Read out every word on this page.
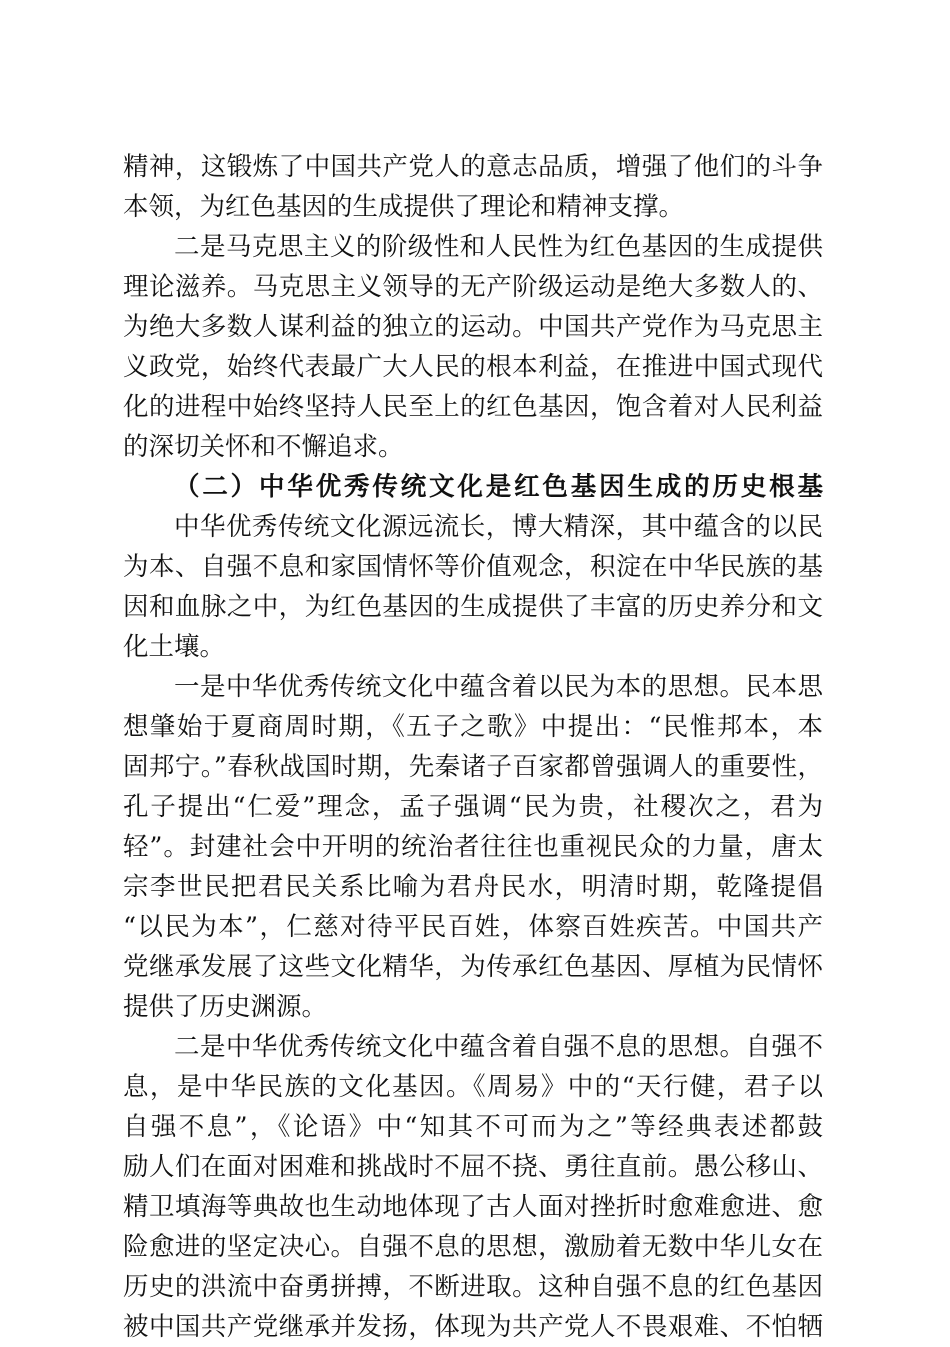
精神，这锻炼了中国共产党人的意志品质，增强了他们的斗争
本领，为红色基因的生成提供了理论和精神支撑。
二是马克思主义的阶级性和人民性为红色基因的生成提供
理论滋养。马克思主义领导的无产阶级运动是绝大多数人的、
为绝大多数人谋利益的独立的运动。中国共产党作为马克思主
义政党，始终代表最广大人民的根本利益，在推进中国式现代
化的进程中始终坚持人民至上的红色基因，饱含着对人民利益
的深切关怀和不懈追求。
（二）中华优秀传统文化是红色基因生成的历史根基
中华优秀传统文化源远流长，博大精深，其中蕴含的以民
为本、自强不息和家国情怀等价值观念，积淀在中华民族的基
因和血脉之中，为红色基因的生成提供了丰富的历史养分和文
化土壤。
一是中华优秀传统文化中蕴含着以民为本的思想。民本思
想肇始于夏商周时期，《五子之歌》中提出：“民惟邦本，本
固邦宁。”春秋战国时期，先秦诸子百家都曾强调人的重要性，
孔子提出“仁爱”理念，孟子强调“民为贵，社稷次之，君为
轻”。封建社会中开明的统治者往往也重视民众的力量，唐太
宗李世民把君民关系比喻为君舟民水，明清时期，乾隆提倡
“以民为本”，仁慈对待平民百姓，体察百姓疾苦。中国共产
党继承发展了这些文化精华，为传承红色基因、厚植为民情怀
提供了历史渊源。
二是中华优秀传统文化中蕴含着自强不息的思想。自强不
息，是中华民族的文化基因。《周易》中的“天行健，君子以
自强不息”，《论语》中“知其不可而为之”等经典表述都鼓
励人们在面对困难和挑战时不屈不挠、勇往直前。愚公移山、
精卫填海等典故也生动地体现了古人面对挫折时愈难愈进、愈
险愈进的坚定决心。自强不息的思想，激励着无数中华儿女在
历史的洪流中奋勇拼搏，不断进取。这种自强不息的红色基因
被中国共产党继承并发扬，体现为共产党人不畏艰难、不怕牺
